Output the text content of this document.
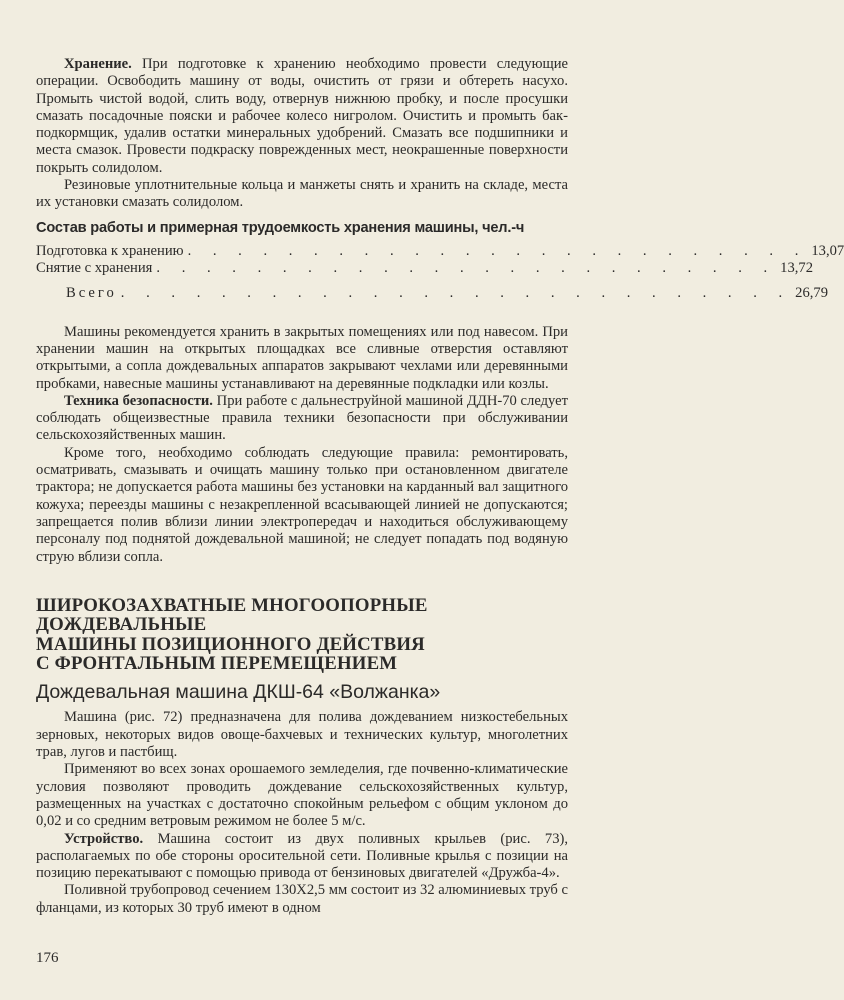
Хранение. При подготовке к хранению необходимо провести следующие операции. Освободить машину от воды, очистить от грязи и обтереть насухо. Промыть чистой водой, слить воду, отвернув нижнюю пробку, и после просушки смазать посадочные пояски и рабочее колесо нигролом. Очистить и промыть бак-подкормщик, удалив остатки минеральных удобрений. Смазать все подшипники и места смазок. Провести подкраску поврежденных мест, неокрашенные поверхности покрыть солидолом.

Резиновые уплотнительные кольца и манжеты снять и хранить на складе, места их установки смазать солидолом.

Состав работы и примерная трудоемкость хранения машины, чел.-ч
Подготовка к хранению . . . . . . . . . . . . . . . . . . . . . . . . . 13,07
Снятие с хранения . . . . . . . . . . . . . . . . . . . . . . . . . 13,72
Всего . . . . . . . . . . . . . . . . . . . . . . . . . . . 26,79

Машины рекомендуется хранить в закрытых помещениях или под навесом. При хранении машин на открытых площадках все сливные отверстия оставляют открытыми, а сопла дождевальных аппаратов закрывают чехлами или деревянными пробками, навесные машины устанавливают на деревянные подкладки или козлы.

Техника безопасности. При работе с дальнеструйной машиной ДДН-70 следует соблюдать общеизвестные правила техники безопасности при обслуживании сельскохозяйственных машин.

Кроме того, необходимо соблюдать следующие правила: ремонтировать, осматривать, смазывать и очищать машину только при остановленном двигателе трактора; не допускается работа машины без установки на карданный вал защитного кожуха; переезды машины с незакрепленной всасывающей линией не допускаются; запрещается полив вблизи линии электропередач и находиться обслуживающему персоналу под поднятой дождевальной машиной; не следует попадать под водяную струю вблизи сопла.

ШИРОКОЗАХВАТНЫЕ МНОГООПОРНЫЕ ДОЖДЕВАЛЬНЫЕ
МАШИНЫ ПОЗИЦИОННОГО ДЕЙСТВИЯ
С ФРОНТАЛЬНЫМ ПЕРЕМЕЩЕНИЕМ
Дождевальная машина ДКШ-64 «Волжанка»

Машина (рис. 72) предназначена для полива дождеванием низкостебельных зерновых, некоторых видов овоще-бахчевых и технических культур, многолетних трав, лугов и пастбищ.

Применяют во всех зонах орошаемого земледелия, где почвенно-климатические условия позволяют проводить дождевание сельскохозяйственных культур, размещенных на участках с достаточно спокойным рельефом с общим уклоном до 0,02 и со средним ветровым режимом не более 5 м/с.

Устройство. Машина состоит из двух поливных крыльев (рис. 73), располагаемых по обе стороны оросительной сети. Поливные крылья с позиции на позицию перекатывают с помощью привода от бензиновых двигателей «Дружба-4».

Поливной трубопровод сечением 130Х2,5 мм состоит из 32 алюминиевых труб с фланцами, из которых 30 труб имеют в одном

176
